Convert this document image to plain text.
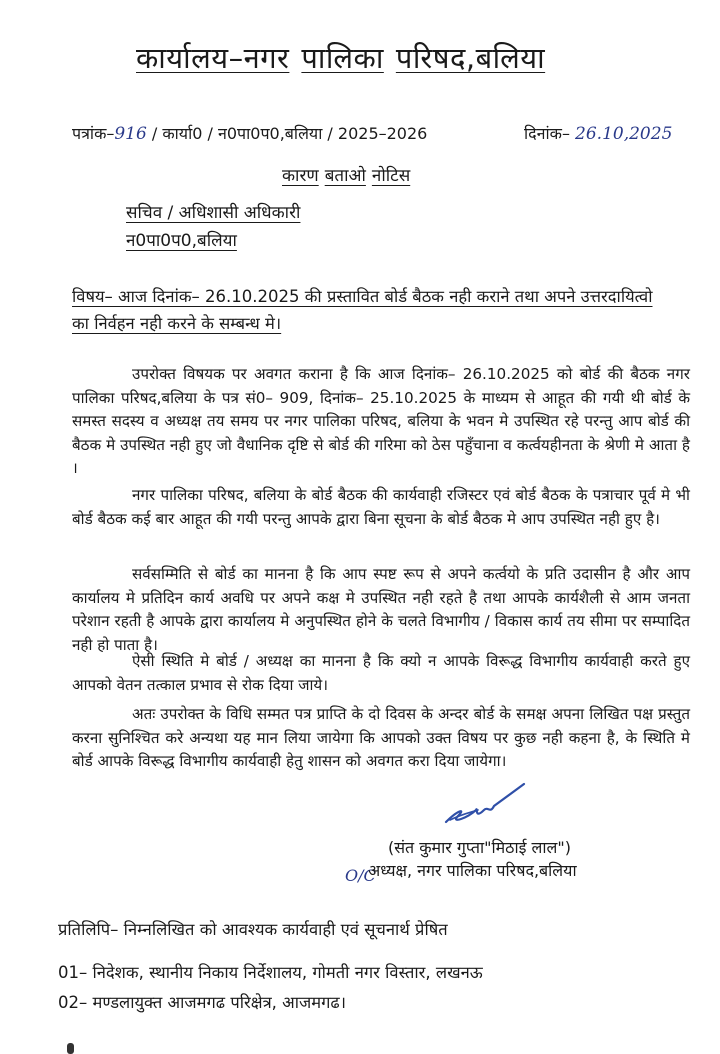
कार्यालय–नगर पालिका परिषद,बलिया
पत्रांक–916 / कार्या0 / न0पा0प0,बलिया / 2025–2026	दिनांक– 26.10,2025
कारण बताओ नोटिस
सचिव / अधिशासी अधिकारी
न0पा0प0,बलिया
विषय– आज दिनांक– 26.10.2025 की प्रस्तावित बोर्ड बैठक नही कराने तथा अपने उत्तरदायित्वो का निर्वहन नही करने के सम्बन्ध मे।
उपरोक्त विषयक पर अवगत कराना है कि आज दिनांक– 26.10.2025 को बोर्ड की बैठक नगर पालिका परिषद,बलिया के पत्र सं0– 909, दिनांक– 25.10.2025 के माध्यम से आहूत की गयी थी बोर्ड के समस्त सदस्य व अध्यक्ष तय समय पर नगर पालिका परिषद, बलिया के भवन मे उपस्थित रहे परन्तु आप बोर्ड की बैठक मे उपस्थित नही हुए जो वैधानिक दृष्टि से बोर्ड की गरिमा को ठेस पहुँचाना व कर्त्वयहीनता के श्रेणी मे आता है ।
नगर पालिका परिषद, बलिया के बोर्ड बैठक की कार्यवाही रजिस्टर एवं बोर्ड बैठक के पत्राचार पूर्व मे भी बोर्ड बैठक कई बार आहूत की गयी परन्तु आपके द्वारा बिना सूचना के बोर्ड बैठक मे आप उपस्थित नही हुए है।
सर्वसम्मिति से बोर्ड का मानना है कि आप स्पष्ट रूप से अपने कर्त्वयो के प्रति उदासीन है और आप कार्यालय मे प्रतिदिन कार्य अवधि पर अपने कक्ष मे उपस्थित नही रहते है तथा आपके कार्यशैली से आम जनता परेशान रहती है आपके द्वारा कार्यालय मे अनुपस्थित होने के चलते विभागीय / विकास कार्य तय सीमा पर सम्पादित नही हो पाता है।
ऐसी स्थिति मे बोर्ड / अध्यक्ष का मानना है कि क्यो न आपके विरूद्ध विभागीय कार्यवाही करते हुए आपको वेतन तत्काल प्रभाव से रोक दिया जाये।
अतः उपरोक्त के विधि सम्मत पत्र प्राप्ति के दो दिवस के अन्दर बोर्ड के समक्ष अपना लिखित पक्ष प्रस्तुत करना सुनिश्चित करे अन्यथा यह मान लिया जायेगा कि आपको उक्त विषय पर कुछ नही कहना है, के स्थिति मे बोर्ड आपके विरूद्ध विभागीय कार्यवाही हेतु शासन को अवगत करा दिया जायेगा।
(संत कुमार गुप्ता"मिठाई लाल")
O/C
अध्यक्ष, नगर पालिका परिषद,बलिया
प्रतिलिपि– निम्नलिखित को आवश्यक कार्यवाही एवं सूचनार्थ प्रेषित
01– निदेशक, स्थानीय निकाय निर्देशालय, गोमती नगर विस्तार, लखनऊ
02– मण्डलायुक्त आजमगढ परिक्षेत्र, आजमगढ।
